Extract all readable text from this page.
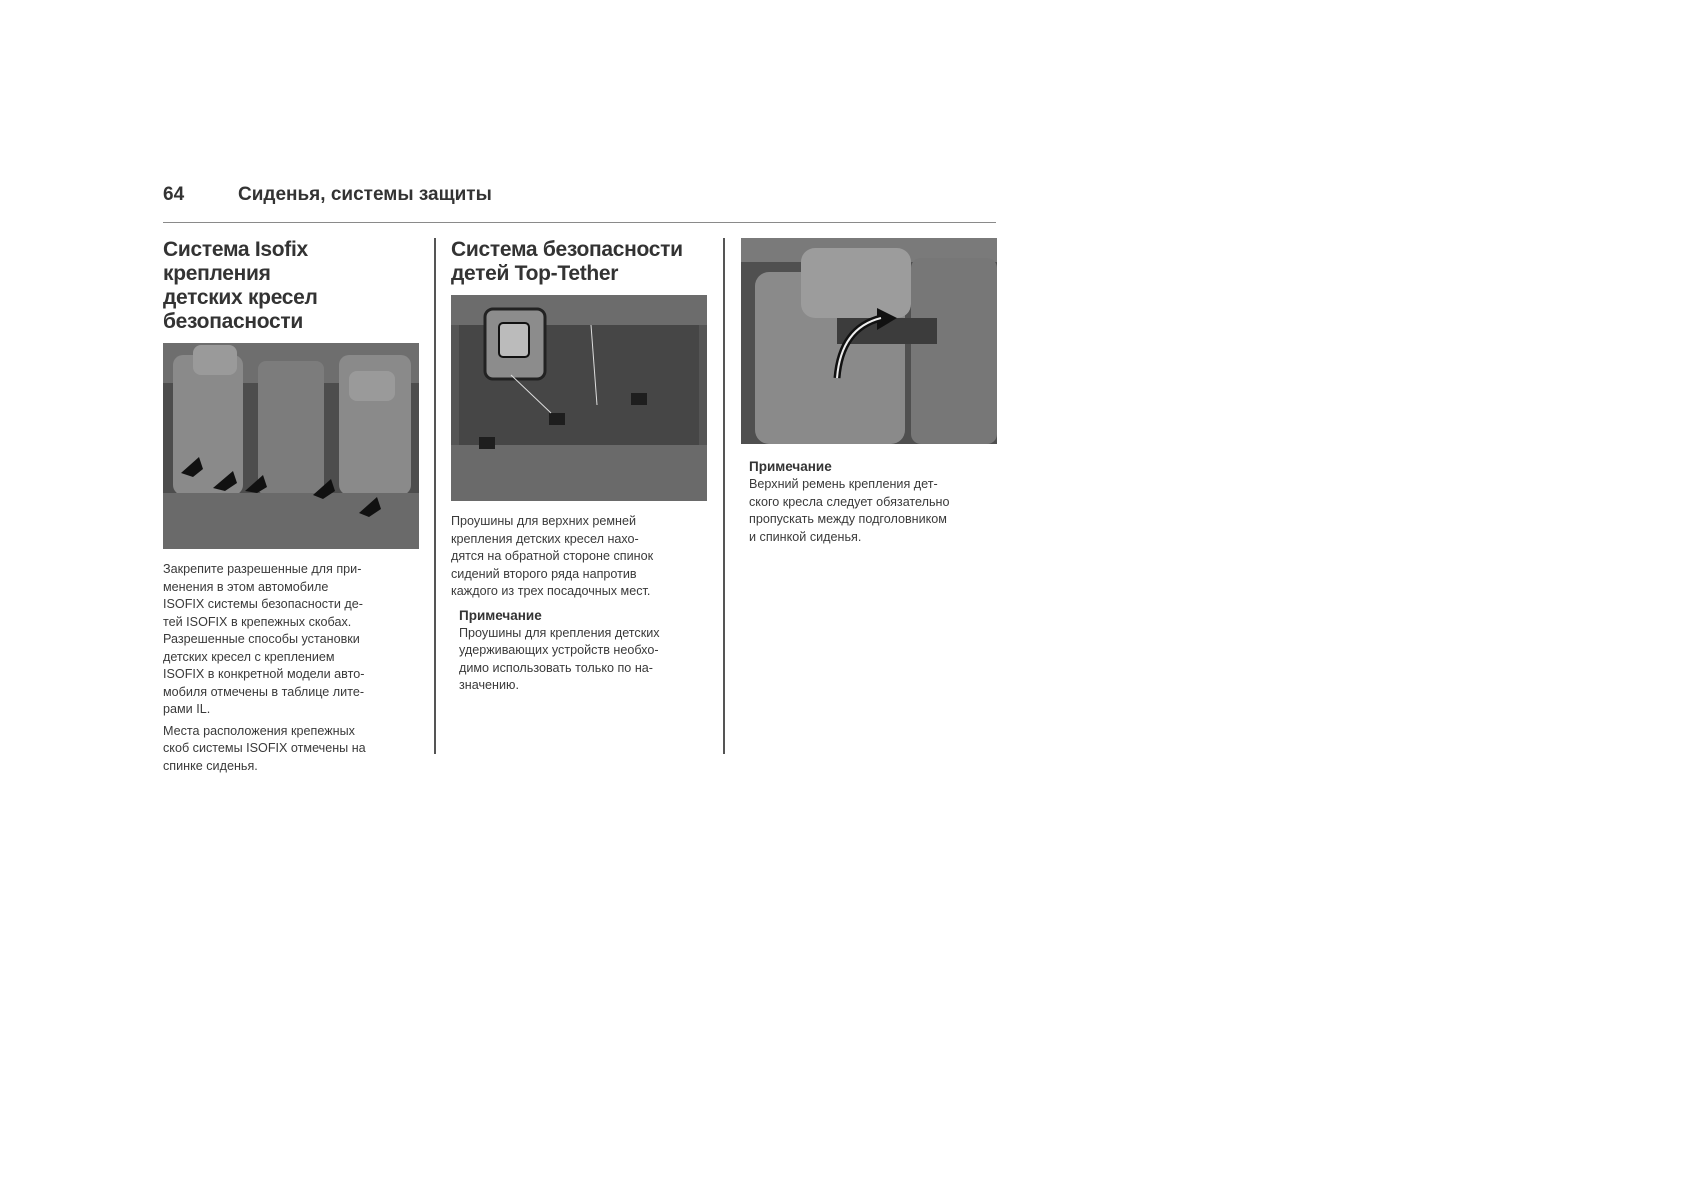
64	Сиденья, системы защиты
Система Isofix крепления
детских кресел
безопасности

Закрепите разрешенные для при-
менения в этом автомобиле
ISOFIX системы безопасности де-
тей ISOFIX в крепежных скобах.
Разрешенные способы установки
детских кресел с креплением
ISOFIX в конкретной модели авто-
мобиля отмечены в таблице лите-
рами IL.

Места расположения крепежных
скоб системы ISOFIX отмечены на
спинке сиденья.

Система безопасности
детей Top-Tether

Проушины для верхних ремней
крепления детских кресел нахо-
дятся на обратной стороне спинок
сидений второго ряда напротив
каждого из трех посадочных мест.

Примечание

Проушины для крепления детских
удерживающих устройств необхо-
димо использовать только по на-
значению.

Примечание

Верхний ремень крепления дет-
ского кресла следует обязательно
пропускать между подголовником
и спинкой сиденья.
